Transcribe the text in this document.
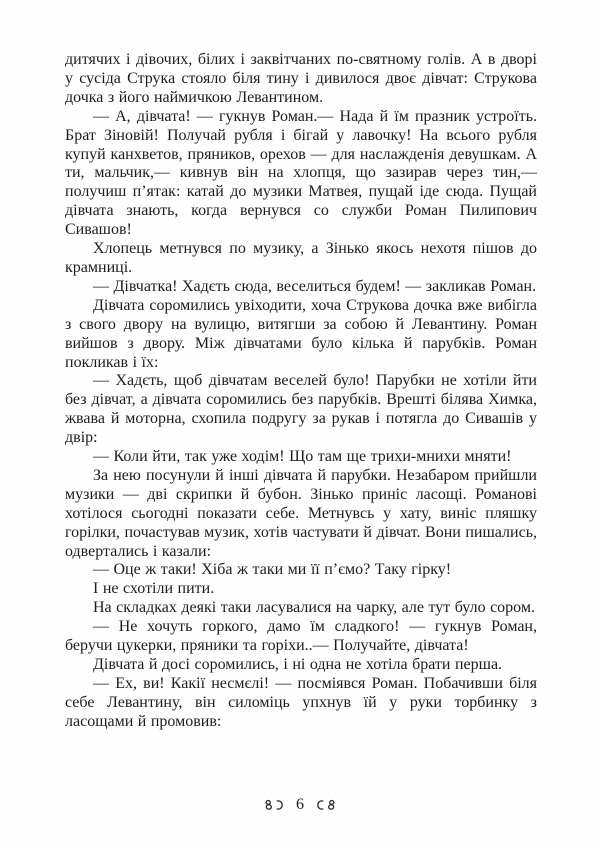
дитячих і дівочих, білих і заквітчаних по-святному голів. А в дворі у сусіда Струка стояло біля тину і дивилося двоє дівчат: Струкова дочка з його наймичкою Левантином.

— А, дівчата! — гукнув Роман.— Нада й їм празник устроїть. Брат Зіновій! Получай рубля і бігай у лавочку! На всього рубля купуй канхветов, пряников, орехов — для наслажденія девушкам. А ти, мальчик,— кивнув він на хлопця, що зазирав через тин,— получиш п’ятак: катай до музики Матвея, пущай іде сюда. Пущай дівчата знають, когда вернувся со служби Роман Пилипович Сивашов!

Хлопець метнувся по музику, а Зінько якось нехотя пішов до крамниці.

— Дівчатка! Хадєть сюда, веселиться будем! — закликав Роман.

Дівчата соромились увіходити, хоча Струкова дочка вже вибігла з свого двору на вулицю, витягши за собою й Левантину. Роман вийшов з двору. Між дівчатами було кілька й парубків. Роман покликав і їх:

— Хадєть, щоб дівчатам веселей було! Парубки не хотіли йти без дівчат, а дівчата соромились без парубків. Врешті білява Химка, жвава й моторна, схопила подругу за рукав і потягла до Сивашів у двір:

— Коли йти, так уже ходім! Що там ще трихи-мнихи мняти!

За нею посунули й інші дівчата й парубки. Незабаром прийшли музики — дві скрипки й бубон. Зінько приніс ласощі. Романові хотілося сьогодні показати себе. Метнувсь у хату, виніс пляшку горілки, почастував музик, хотів частувати й дівчат. Вони пишались, одвертались і казали:

— Оце ж таки! Хіба ж таки ми її п’ємо? Таку гірку!

І не схотіли пити.

На складках деякі таки ласувалися на чарку, але тут було сором.

— Не хочуть горкого, дамо їм сладкого! — гукнув Роман, беручи цукерки, пряники та горіхи..— Получайте, дівчата!

Дівчата й досі соромились, і ні одна не хотіла брати перша.

— Ех, ви! Какії несмєлі! — посміявся Роман. Побачивши біля себе Левантину, він силоміць упхнув їй у руки торбинку з ласощами й промовив:

6
